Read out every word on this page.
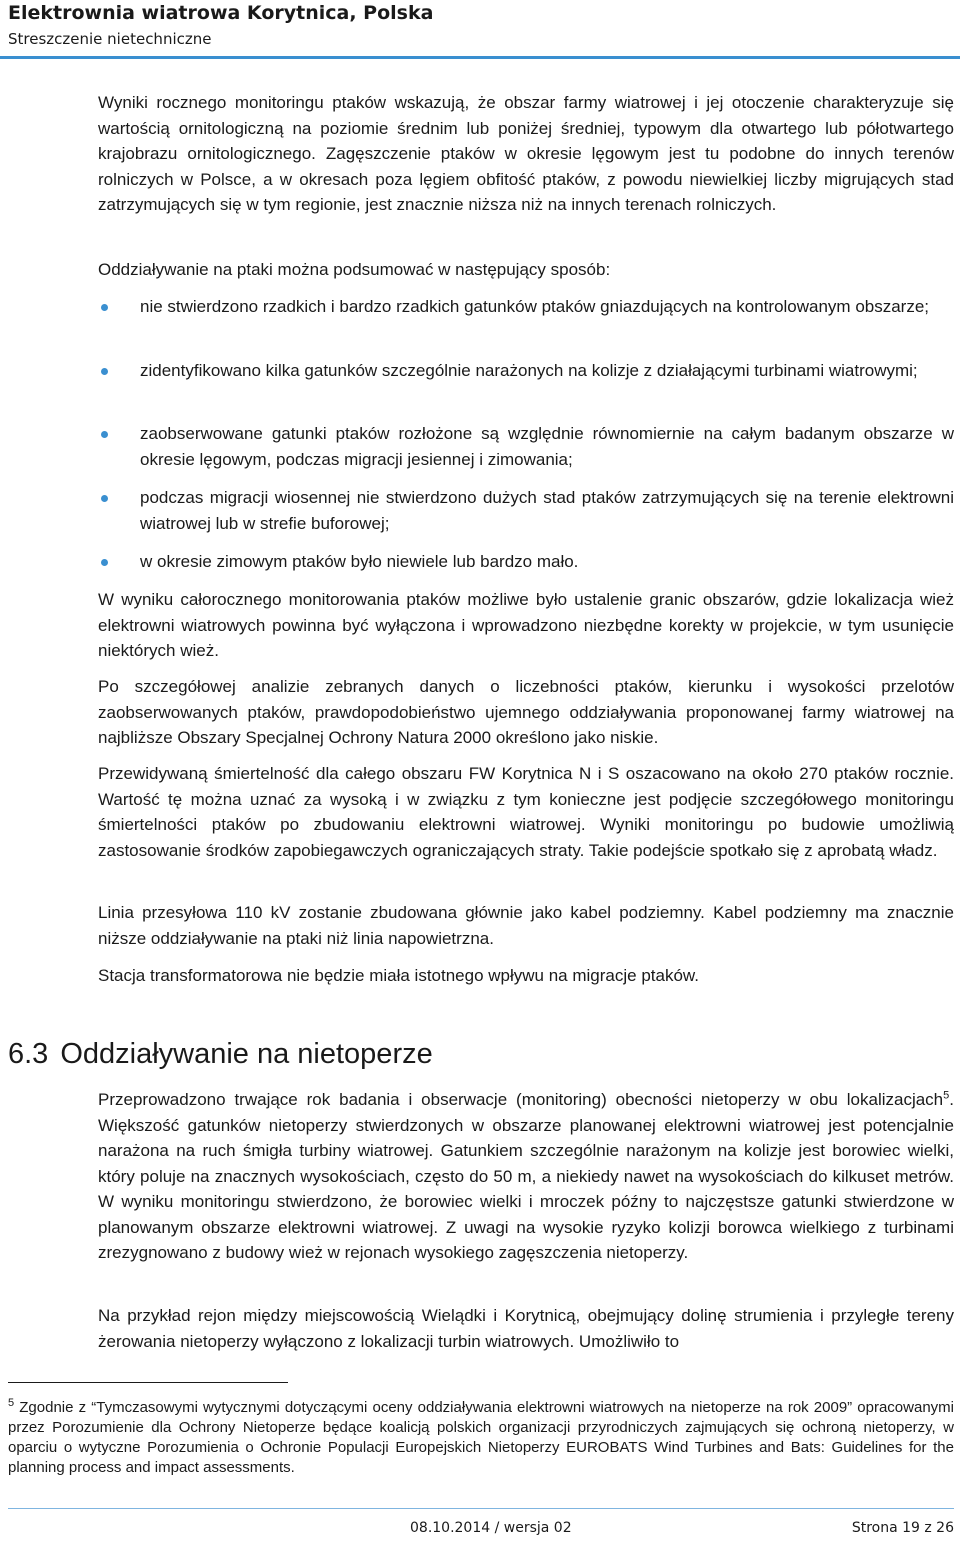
Elektrownia wiatrowa Korytnica, Polska
Streszczenie nietechniczne

Wyniki rocznego monitoringu ptaków wskazują, że obszar farmy wiatrowej i jej otoczenie charakteryzuje się wartością ornitologiczną na poziomie średnim lub poniżej średniej, typowym dla otwartego lub półotwartego krajobrazu ornitologicznego. Zagęszczenie ptaków w okresie lęgowym jest tu podobne do innych terenów rolniczych w Polsce, a w okresach poza lęgiem obfitość ptaków, z powodu niewielkiej liczby migrujących stad zatrzymujących się w tym regionie, jest znacznie niższa niż na innych terenach rolniczych.

Oddziaływanie na ptaki można podsumować w następujący sposób:

nie stwierdzono rzadkich i bardzo rzadkich gatunków ptaków gniazdujących na kontrolowanym obszarze;

zidentyfikowano kilka gatunków szczególnie narażonych na kolizje z działającymi turbinami wiatrowymi;

zaobserwowane gatunki ptaków rozłożone są względnie równomiernie na całym badanym obszarze w okresie lęgowym, podczas migracji jesiennej i zimowania;

podczas migracji wiosennej nie stwierdzono dużych stad ptaków zatrzymujących się na terenie elektrowni wiatrowej lub w strefie buforowej;

w okresie zimowym ptaków było niewiele lub bardzo mało.

W wyniku całorocznego monitorowania ptaków możliwe było ustalenie granic obszarów, gdzie lokalizacja wież elektrowni wiatrowych powinna być wyłączona i wprowadzono niezbędne korekty w projekcie, w tym usunięcie niektórych wież.

Po szczegółowej analizie zebranych danych o liczebności ptaków, kierunku i wysokości przelotów zaobserwowanych ptaków, prawdopodobieństwo ujemnego oddziaływania proponowanej farmy wiatrowej na najbliższe Obszary Specjalnej Ochrony Natura 2000 określono jako niskie.

Przewidywaną śmiertelność dla całego obszaru FW Korytnica N i S oszacowano na około 270 ptaków rocznie. Wartość tę można uznać za wysoką i w związku z tym konieczne jest podjęcie szczegółowego monitoringu śmiertelności ptaków po zbudowaniu elektrowni wiatrowej. Wyniki monitoringu po budowie umożliwią zastosowanie środków zapobiegawczych ograniczających straty. Takie podejście spotkało się z aprobatą władz.

Linia przesyłowa 110 kV zostanie zbudowana głównie jako kabel podziemny. Kabel podziemny ma znacznie niższe oddziaływanie na ptaki niż linia napowietrzna.

Stacja transformatorowa nie będzie miała istotnego wpływu na migracje ptaków.

6.3 Oddziaływanie na nietoperze

Przeprowadzono trwające rok badania i obserwacje (monitoring) obecności nietoperzy w obu lokalizacjach$^5$. Większość gatunków nietoperzy stwierdzonych w obszarze planowanej elektrowni wiatrowej jest potencjalnie narażona na ruch śmigła turbiny wiatrowej. Gatunkiem szczególnie narażonym na kolizje jest borowiec wielki, który poluje na znacznych wysokościach, często do 50 m, a niekiedy nawet na wysokościach do kilkuset metrów. W wyniku monitoringu stwierdzono, że borowiec wielki i mroczek późny to najczęstsze gatunki stwierdzone w planowanym obszarze elektrowni wiatrowej. Z uwagi na wysokie ryzyko kolizji borowca wielkiego z turbinami zrezygnowano z budowy wież w rejonach wysokiego zagęszczenia nietoperzy.

Na przykład rejon między miejscowością Wielądki i Korytnicą, obejmujący dolinę strumienia i przyległe tereny żerowania nietoperzy wyłączono z lokalizacji turbin wiatrowych. Umożliwiło to

$^5$ Zgodnie z “Tymczasowymi wytycznymi dotyczącymi oceny oddziaływania elektrowni wiatrowych na nietoperze na rok 2009” opracowanymi przez Porozumienie dla Ochrony Nietoperze będące koalicją polskich organizacji przyrodniczych zajmujących się ochroną nietoperzy, w oparciu o wytyczne Porozumienia o Ochronie Populacji Europejskich Nietoperzy EUROBATS Wind Turbines and Bats: Guidelines for the planning process and impact assessments.

08.10.2014 / wersja 02	Strona 19 z 26
